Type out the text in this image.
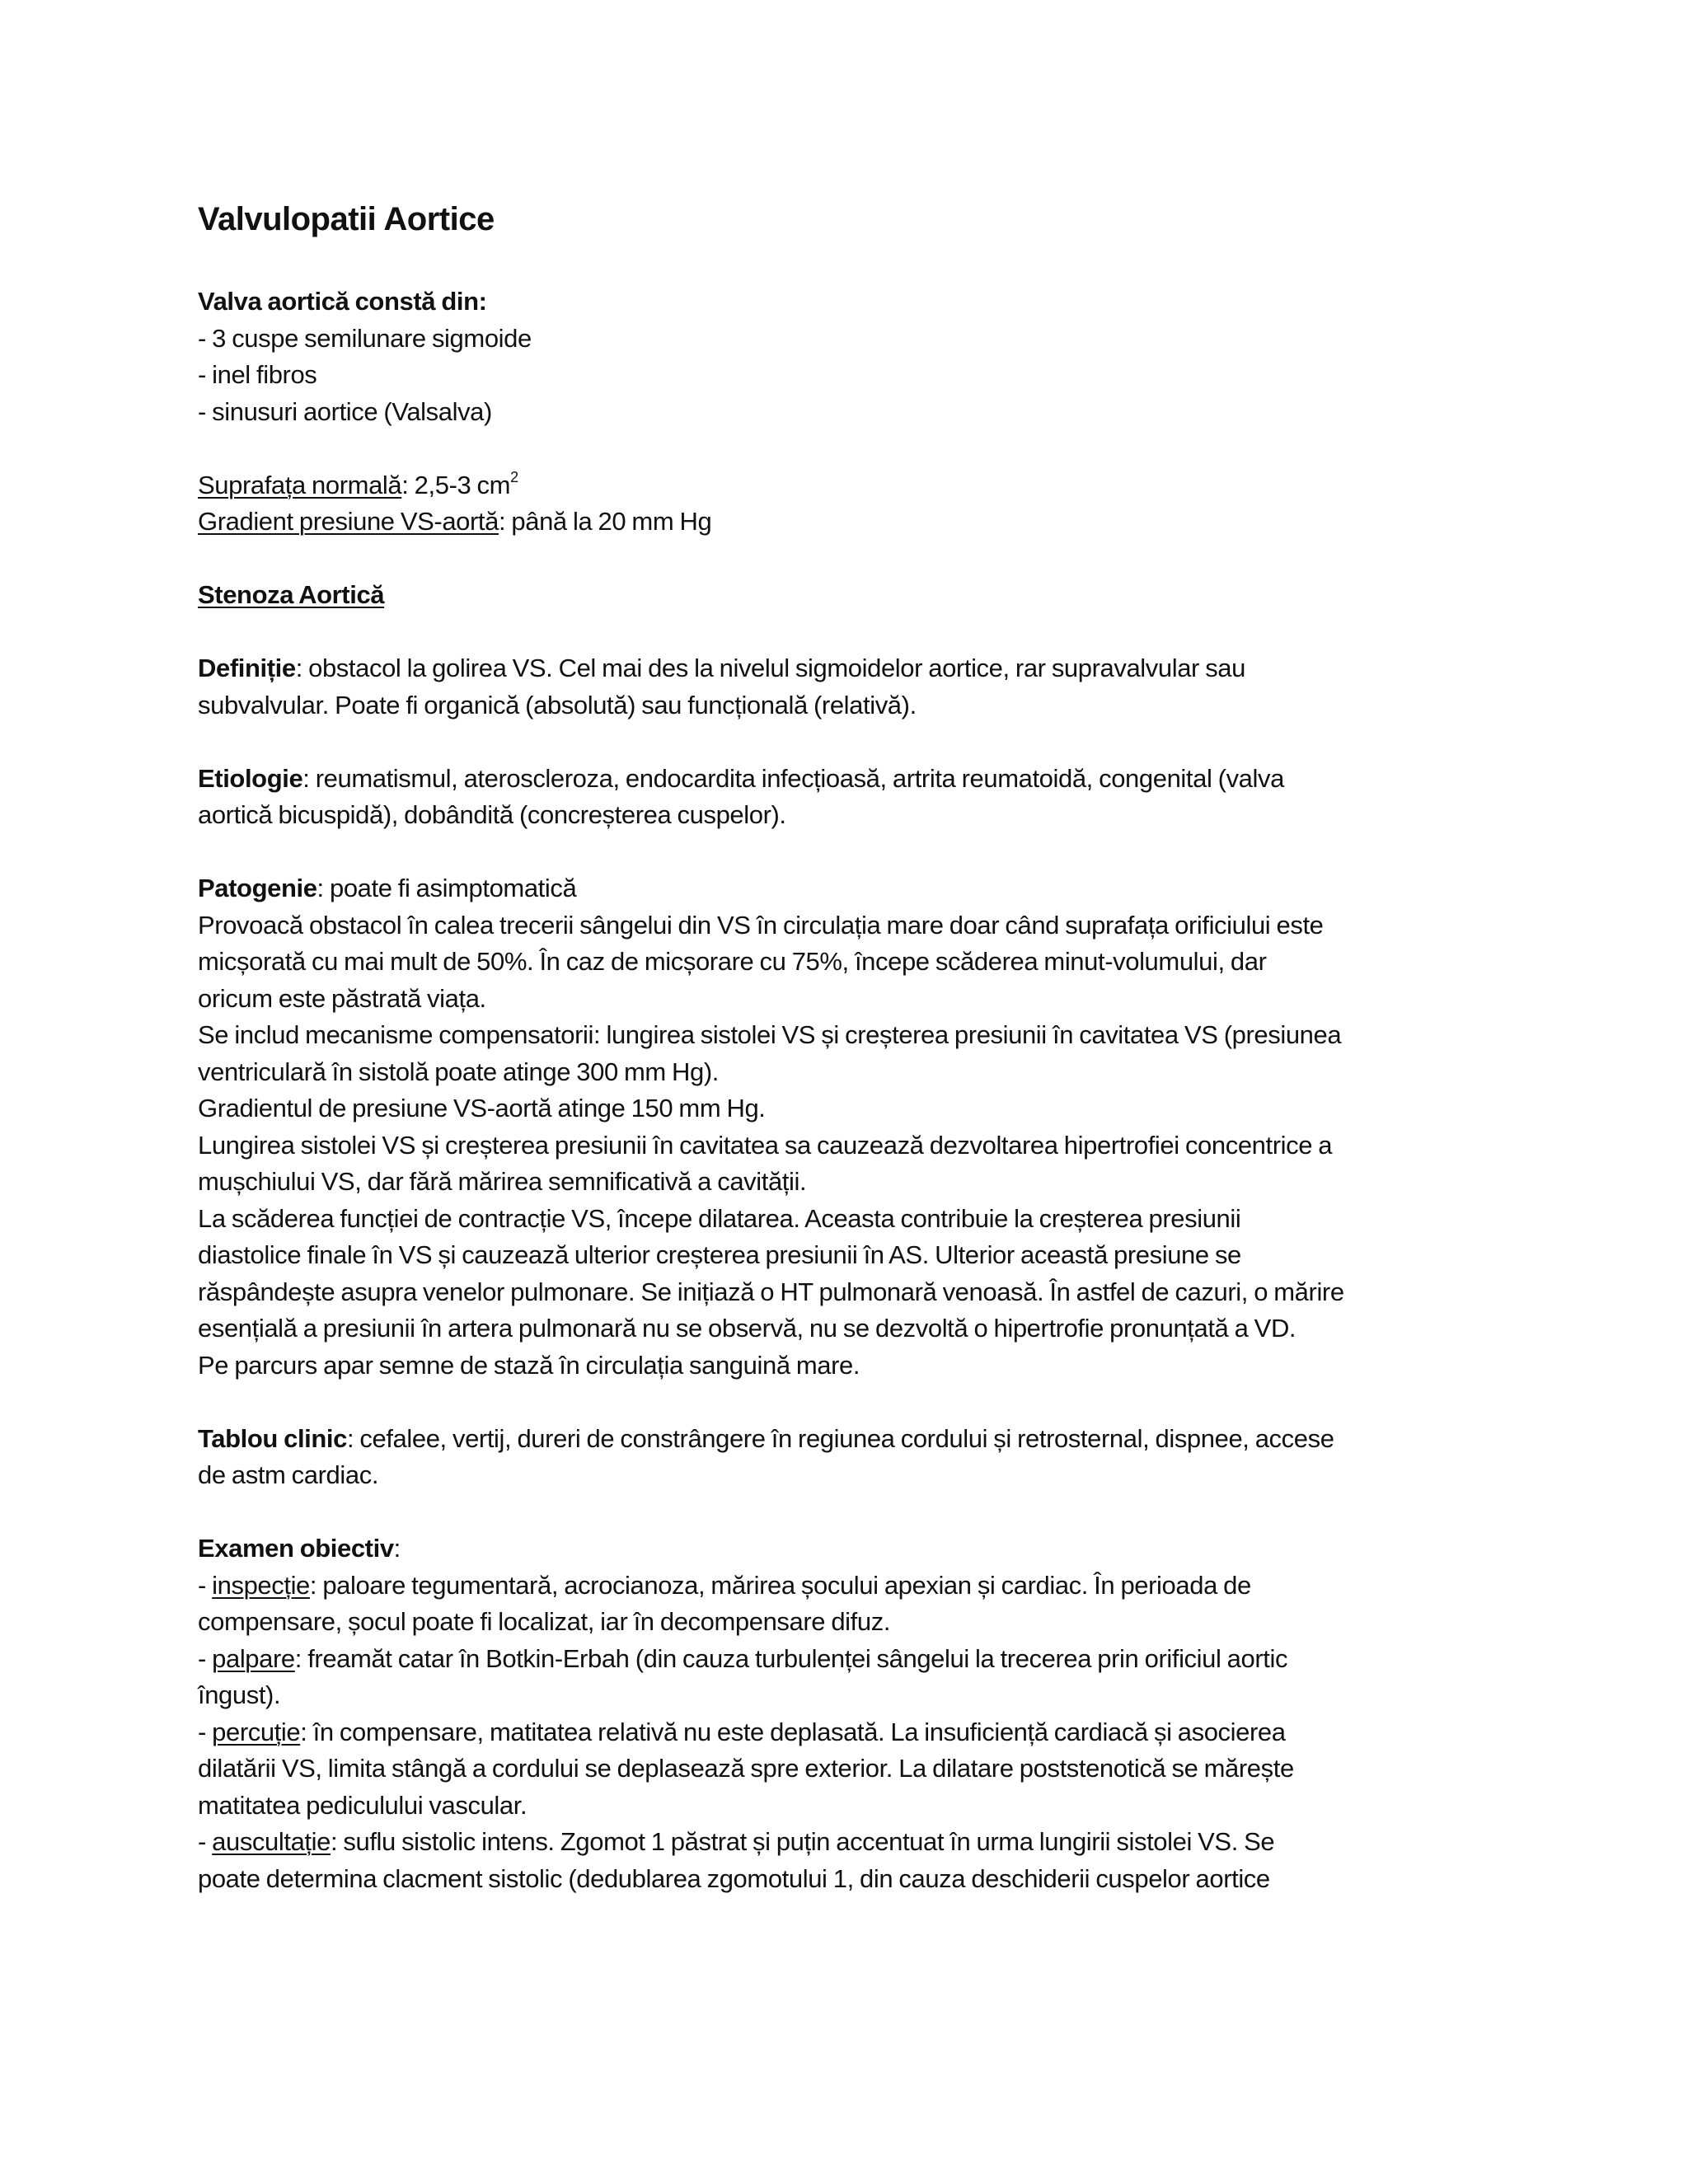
Valvulopatii Aortice
Valva aortică constă din:
- 3 cuspe semilunare sigmoide
- inel fibros
- sinusuri aortice (Valsalva)
Suprafața normală: 2,5-3 $cm^2$
Gradient presiune VS-aortă: până la 20 mm Hg
Stenoza Aortică
Definiție: obstacol la golirea VS. Cel mai des la nivelul sigmoidelor aortice, rar supravalvular sau
subvalvular. Poate fi organică (absolută) sau funcțională (relativă).
Etiologie: reumatismul, ateroscleroza, endocardita infecțioasă, artrita reumatoidă, congenital (valva
aortică bicuspidă), dobândită (concreșterea cuspelor).
Patogenie: poate fi asimptomatică
Provoacă obstacol în calea trecerii sângelui din VS în circulația mare doar când suprafața orificiului este
micșorată cu mai mult de 50%. În caz de micșorare cu 75%, începe scăderea minut-volumului, dar
oricum este păstrată viața.
Se includ mecanisme compensatorii: lungirea sistolei VS și creșterea presiunii în cavitatea VS (presiunea
ventriculară în sistolă poate atinge 300 mm Hg).
Gradientul de presiune VS-aortă atinge 150 mm Hg.
Lungirea sistolei VS și creșterea presiunii în cavitatea sa cauzează dezvoltarea hipertrofiei concentrice a
mușchiului VS, dar fără mărirea semnificativă a cavității.
La scăderea funcției de contracție VS, începe dilatarea. Aceasta contribuie la creșterea presiunii
diastolice finale în VS și cauzează ulterior creșterea presiunii în AS. Ulterior această presiune se
răspândește asupra venelor pulmonare. Se inițiază o HT pulmonară venoasă. În astfel de cazuri, o mărire
esențială a presiunii în artera pulmonară nu se observă, nu se dezvoltă o hipertrofie pronunțată a VD.
Pe parcurs apar semne de stază în circulația sanguină mare.
Tablou clinic: cefalee, vertij, dureri de constrângere în regiunea cordului și retrosternal, dispnee, accese
de astm cardiac.
Examen obiectiv:
- inspecție: paloare tegumentară, acrocianoza, mărirea șocului apexian și cardiac. În perioada de
compensare, șocul poate fi localizat, iar în decompensare difuz.
- palpare: freamăt catar în Botkin-Erbah (din cauza turbulenței sângelui la trecerea prin orificiul aortic
îngust).
- percuție: în compensare, matitatea relativă nu este deplasată. La insuficiență cardiacă și asocierea
dilatării VS, limita stângă a cordului se deplasează spre exterior. La dilatare poststenotică se mărește
matitatea pediculului vascular.
- auscultație: suflu sistolic intens. Zgomot 1 păstrat și puțin accentuat în urma lungirii sistolei VS. Se
poate determina clacment sistolic (dedublarea zgomotului 1, din cauza deschiderii cuspelor aortice
